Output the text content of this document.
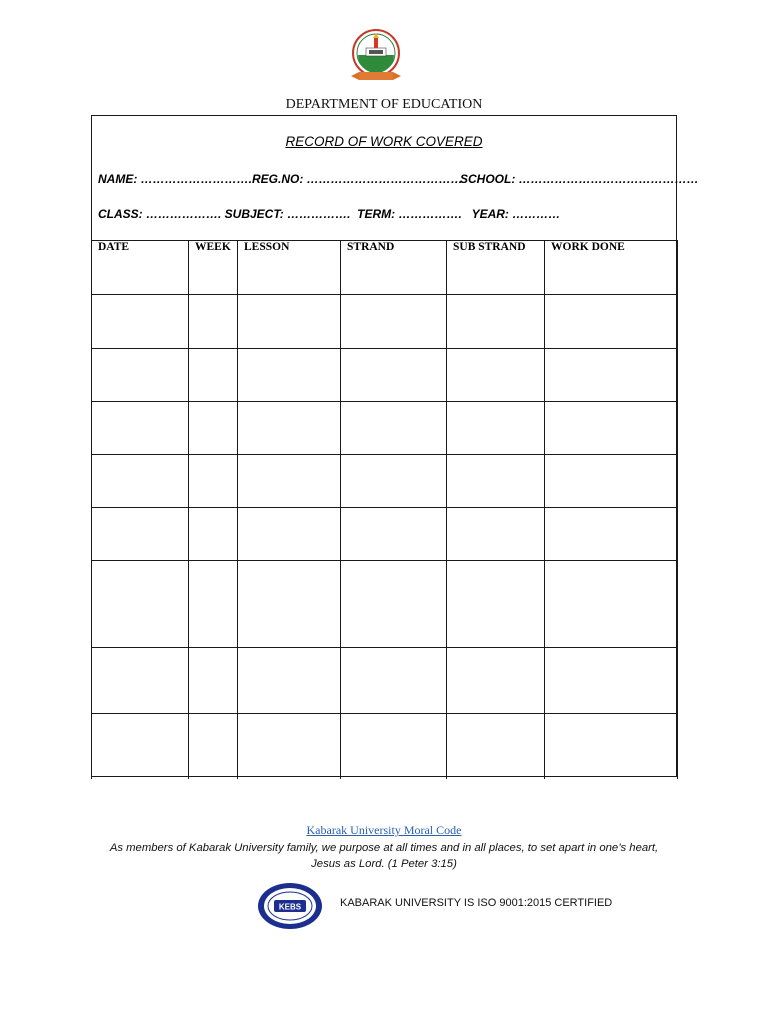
DEPARTMENT OF EDUCATION
RECORD OF WORK COVERED
NAME: ……………………….REG.NO: …………………………………
SCHOOL: ………………………………………
CLASS: ………………. SUBJECT: …………….  TERM: …………….   YEAR: …………
DATE	WEEK	LESSON	STRAND	SUB STRAND	WORK DONE

Kabarak University Moral Code
As members of Kabarak University family, we purpose at all times and in all places, to set apart in one’s heart, Jesus as Lord. (1 Peter 3:15)
KEBS	KABARAK UNIVERSITY IS ISO 9001:2015 CERTIFIED
